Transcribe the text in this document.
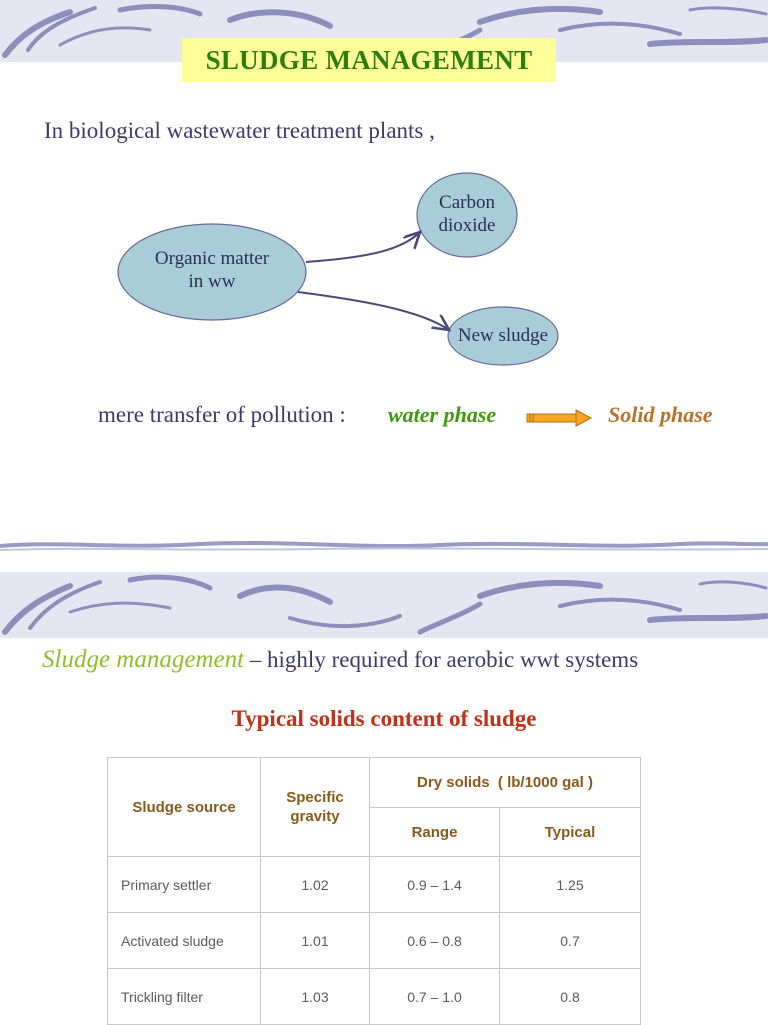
SLUDGE MANAGEMENT
In biological wastewater treatment plants ,
Organic matter
in ww
Carbon
dioxide
New sludge
mere transfer of pollution : water phase	Solid phase
Sludge management – highly required for aerobic wwt systems
Typical solids content of sludge
Sludge source	Specific gravity	Dry solids  ( lb/1000 gal )	
		Range	Typical
Primary settler	1.02	0.9 – 1.4	1.25
Activated sludge	1.01	0.6 – 0.8	0.7
Trickling filter	1.03	0.7 – 1.0	0.8
